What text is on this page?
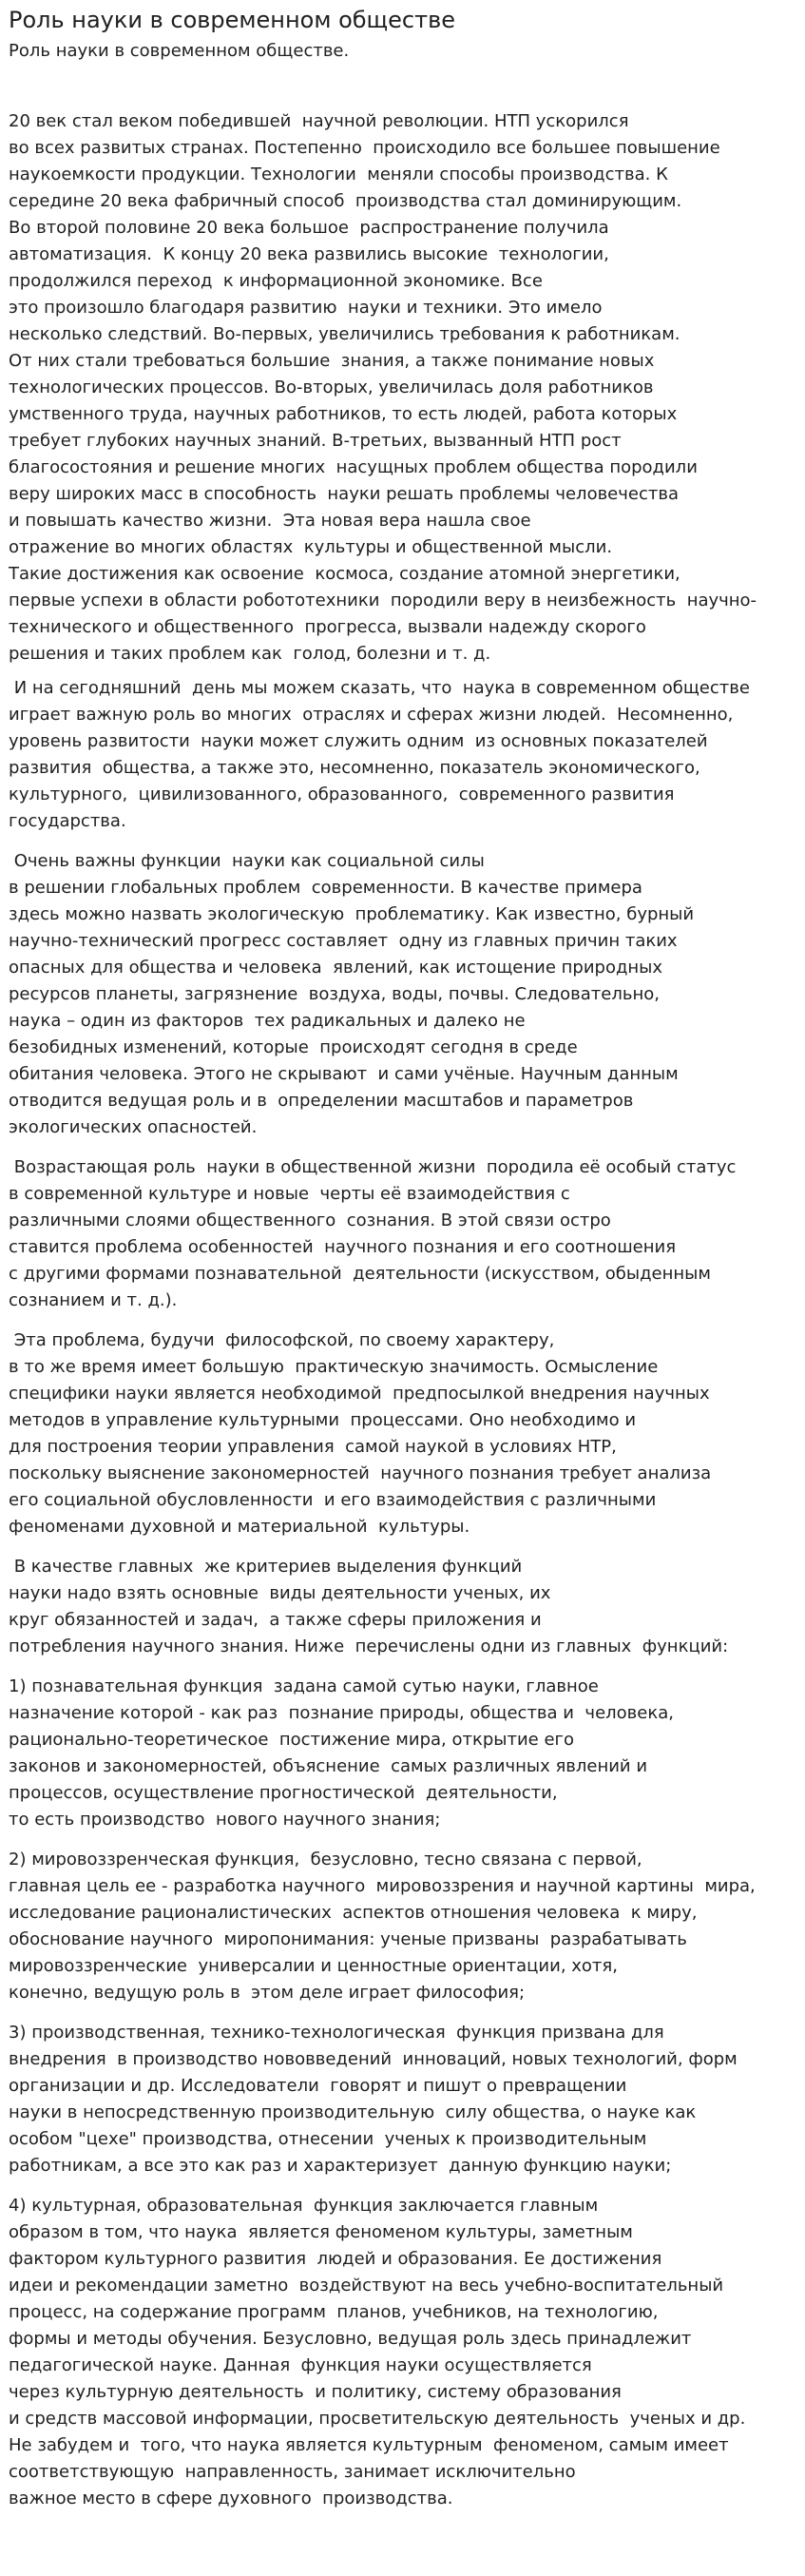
Роль науки в современном обществе
Роль науки в современном обществе.
20 век стал веком победившей  научной революции. НТП ускорился
во всех развитых странах. Постепенно  происходило все большее повышение
наукоемкости продукции. Технологии  меняли способы производства. К
середине 20 века фабричный способ  производства стал доминирующим.
Во второй половине 20 века большое  распространение получила
автоматизация.  К концу 20 века развились высокие  технологии,
продолжился переход  к информационной экономике. Все
это произошло благодаря развитию  науки и техники. Это имело
несколько следствий. Во-первых, увеличились требования к работникам.
От них стали требоваться большие  знания, а также понимание новых
технологических процессов. Во-вторых, увеличилась доля работников
умственного труда, научных работников, то есть людей, работа которых
требует глубоких научных знаний. В-третьих, вызванный НТП рост
благосостояния и решение многих  насущных проблем общества породили
веру широких масс в способность  науки решать проблемы человечества
и повышать качество жизни.  Эта новая вера нашла свое
отражение во многих областях  культуры и общественной мысли.
Такие достижения как освоение  космоса, создание атомной энергетики,
первые успехи в области робототехники  породили веру в неизбежность  научно-
технического и общественного  прогресса, вызвали надежду скорого
решения и таких проблем как  голод, болезни и т. д.
И на сегодняшний  день мы можем сказать, что  наука в современном обществе
играет важную роль во многих  отраслях и сферах жизни людей.  Несомненно,
уровень развитости  науки может служить одним  из основных показателей
развития  общества, а также это, несомненно, показатель экономического,
культурного,  цивилизованного, образованного,  современного развития
государства.
Очень важны функции  науки как социальной силы
в решении глобальных проблем  современности. В качестве примера
здесь можно назвать экологическую  проблематику. Как известно, бурный
научно-технический прогресс составляет  одну из главных причин таких
опасных для общества и человека  явлений, как истощение природных
ресурсов планеты, загрязнение  воздуха, воды, почвы. Следовательно,
наука – один из факторов  тех радикальных и далеко не
безобидных изменений, которые  происходят сегодня в среде
обитания человека. Этого не скрывают  и сами учёные. Научным данным
отводится ведущая роль и в  определении масштабов и параметров
экологических опасностей.
Возрастающая роль  науки в общественной жизни  породила её особый статус
в современной культуре и новые  черты её взаимодействия с
различными слоями общественного  сознания. В этой связи остро
ставится проблема особенностей  научного познания и его соотношения
с другими формами познавательной  деятельности (искусством, обыденным
сознанием и т. д.).
Эта проблема, будучи  философской, по своему характеру,
в то же время имеет большую  практическую значимость. Осмысление
специфики науки является необходимой  предпосылкой внедрения научных
методов в управление культурными  процессами. Оно необходимо и
для построения теории управления  самой наукой в условиях НТР,
поскольку выяснение закономерностей  научного познания требует анализа
его социальной обусловленности  и его взаимодействия с различными
феноменами духовной и материальной  культуры.
В качестве главных  же критериев выделения функций
науки надо взять основные  виды деятельности ученых, их
круг обязанностей и задач,  а также сферы приложения и
потребления научного знания. Ниже  перечислены одни из главных  функций:
1) познавательная функция  задана самой сутью науки, главное
назначение которой - как раз  познание природы, общества и  человека,
рационально-теоретическое  постижение мира, открытие его
законов и закономерностей, объяснение  самых различных явлений и
процессов, осуществление прогностической  деятельности,
то есть производство  нового научного знания;
2) мировоззренческая функция,  безусловно, тесно связана с первой,
главная цель ее - разработка научного  мировоззрения и научной картины  мира,
исследование рационалистических  аспектов отношения человека  к миру,
обоснование научного  миропонимания: ученые призваны  разрабатывать
мировоззренческие  универсалии и ценностные ориентации, хотя,
конечно, ведущую роль в  этом деле играет философия;
3) производственная, технико-технологическая  функция призвана для
внедрения  в производство нововведений  инноваций, новых технологий, форм
организации и др. Исследователи  говорят и пишут о превращении
науки в непосредственную производительную  силу общества, о науке как
особом "цехе" производства, отнесении  ученых к производительным
работникам, а все это как раз и характеризует  данную функцию науки;
4) культурная, образовательная  функция заключается главным
образом в том, что наука  является феноменом культуры, заметным
фактором культурного развития  людей и образования. Ее достижения
идеи и рекомендации заметно  воздействуют на весь учебно-воспитательный
процесс, на содержание программ  планов, учебников, на технологию,
формы и методы обучения. Безусловно, ведущая роль здесь принадлежит
педагогической науке. Данная  функция науки осуществляется
через культурную деятельность  и политику, систему образования
и средств массовой информации, просветительскую деятельность  ученых и др.
Не забудем и  того, что наука является культурным  феноменом, самым имеет
соответствующую  направленность, занимает исключительно
важное место в сфере духовного  производства.
